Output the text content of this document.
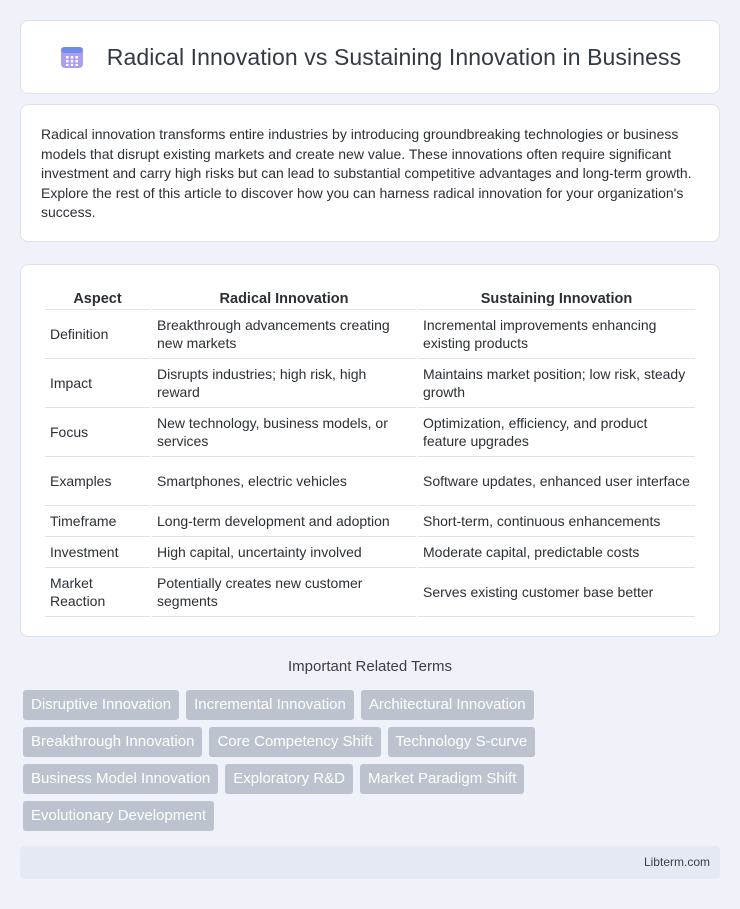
Radical Innovation vs Sustaining Innovation in Business

Radical innovation transforms entire industries by introducing groundbreaking technologies or business models that disrupt existing markets and create new value. These innovations often require significant investment and carry high risks but can lead to substantial competitive advantages and long-term growth. Explore the rest of this article to discover how you can harness radical innovation for your organization's success.

Aspect	Radical Innovation	Sustaining Innovation
Definition	Breakthrough advancements creating new markets	Incremental improvements enhancing existing products
Impact	Disrupts industries; high risk, high reward	Maintains market position; low risk, steady growth
Focus	New technology, business models, or services	Optimization, efficiency, and product feature upgrades
Examples	Smartphones, electric vehicles	Software updates, enhanced user interface
Timeframe	Long-term development and adoption	Short-term, continuous enhancements
Investment	High capital, uncertainty involved	Moderate capital, predictable costs
Market Reaction	Potentially creates new customer segments	Serves existing customer base better
Important Related Terms
Disruptive Innovation	Incremental Innovation	Architectural Innovation
Breakthrough Innovation	Core Competency Shift	Technology S-curve
Business Model Innovation	Exploratory R&D	Market Paradigm Shift
Evolutionary Development
Libterm.com
